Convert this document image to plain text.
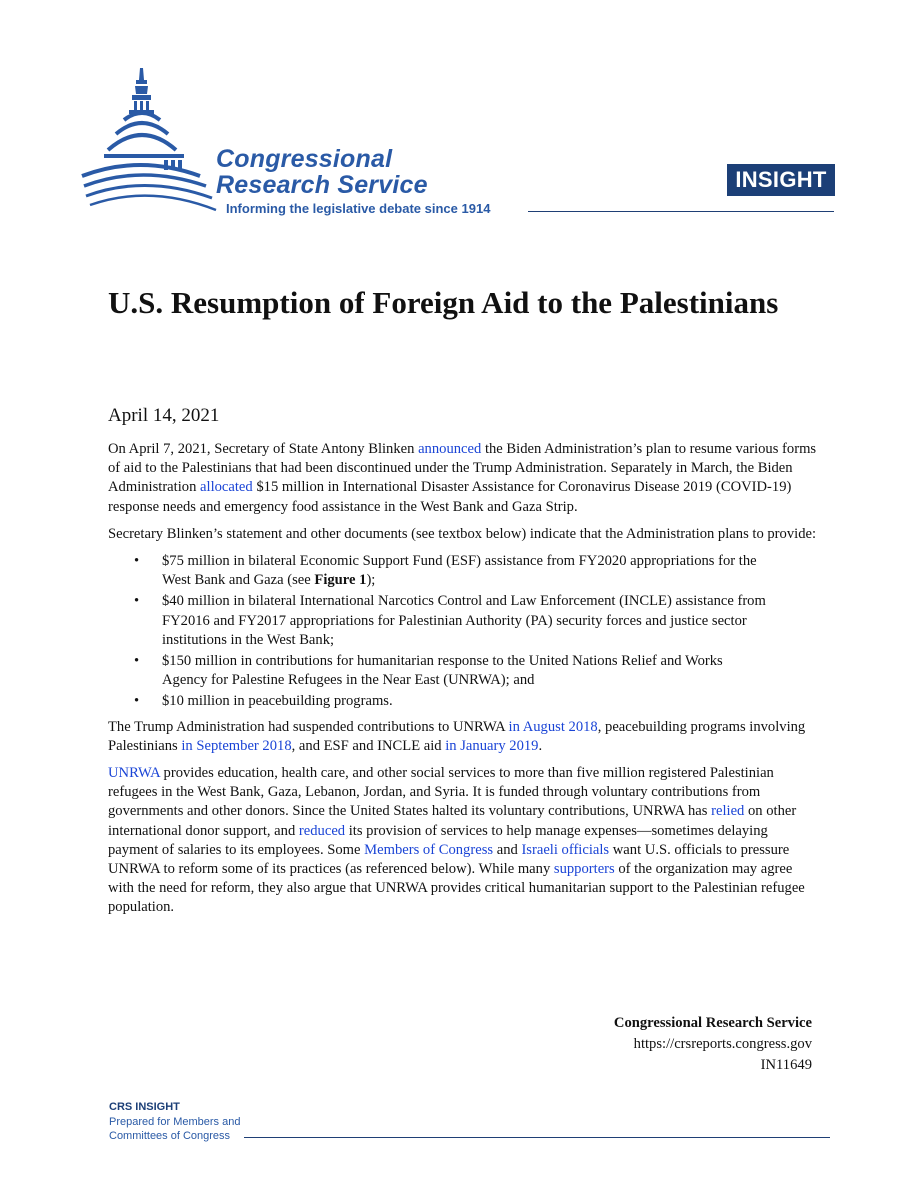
Congressional
Research Service
Informing the legislative debate since 1914
INSIGHT
U.S. Resumption of Foreign Aid to the Palestinians
April 14, 2021

On April 7, 2021, Secretary of State Antony Blinken announced the Biden Administration’s plan to resume various forms of aid to the Palestinians that had been discontinued under the Trump Administration. Separately in March, the Biden Administration allocated $15 million in International Disaster Assistance for Coronavirus Disease 2019 (COVID-19) response needs and emergency food assistance in the West Bank and Gaza Strip.

Secretary Blinken’s statement and other documents (see textbox below) indicate that the Administration plans to provide:

• $75 million in bilateral Economic Support Fund (ESF) assistance from FY2020 appropriations for the West Bank and Gaza (see Figure 1);
• $40 million in bilateral International Narcotics Control and Law Enforcement (INCLE) assistance from FY2016 and FY2017 appropriations for Palestinian Authority (PA) security forces and justice sector institutions in the West Bank;
• $150 million in contributions for humanitarian response to the United Nations Relief and Works Agency for Palestine Refugees in the Near East (UNRWA); and
• $10 million in peacebuilding programs.

The Trump Administration had suspended contributions to UNRWA in August 2018, peacebuilding programs involving Palestinians in September 2018, and ESF and INCLE aid in January 2019.

UNRWA provides education, health care, and other social services to more than five million registered Palestinian refugees in the West Bank, Gaza, Lebanon, Jordan, and Syria. It is funded through voluntary contributions from governments and other donors. Since the United States halted its voluntary contributions, UNRWA has relied on other international donor support, and reduced its provision of services to help manage expenses—sometimes delaying payment of salaries to its employees. Some Members of Congress and Israeli officials want U.S. officials to pressure UNRWA to reform some of its practices (as referenced below). While many supporters of the organization may agree with the need for reform, they also argue that UNRWA provides critical humanitarian support to the Palestinian refugee population.

Congressional Research Service
https://crsreports.congress.gov
IN11649
CRS INSIGHT
Prepared for Members and
Committees of Congress
